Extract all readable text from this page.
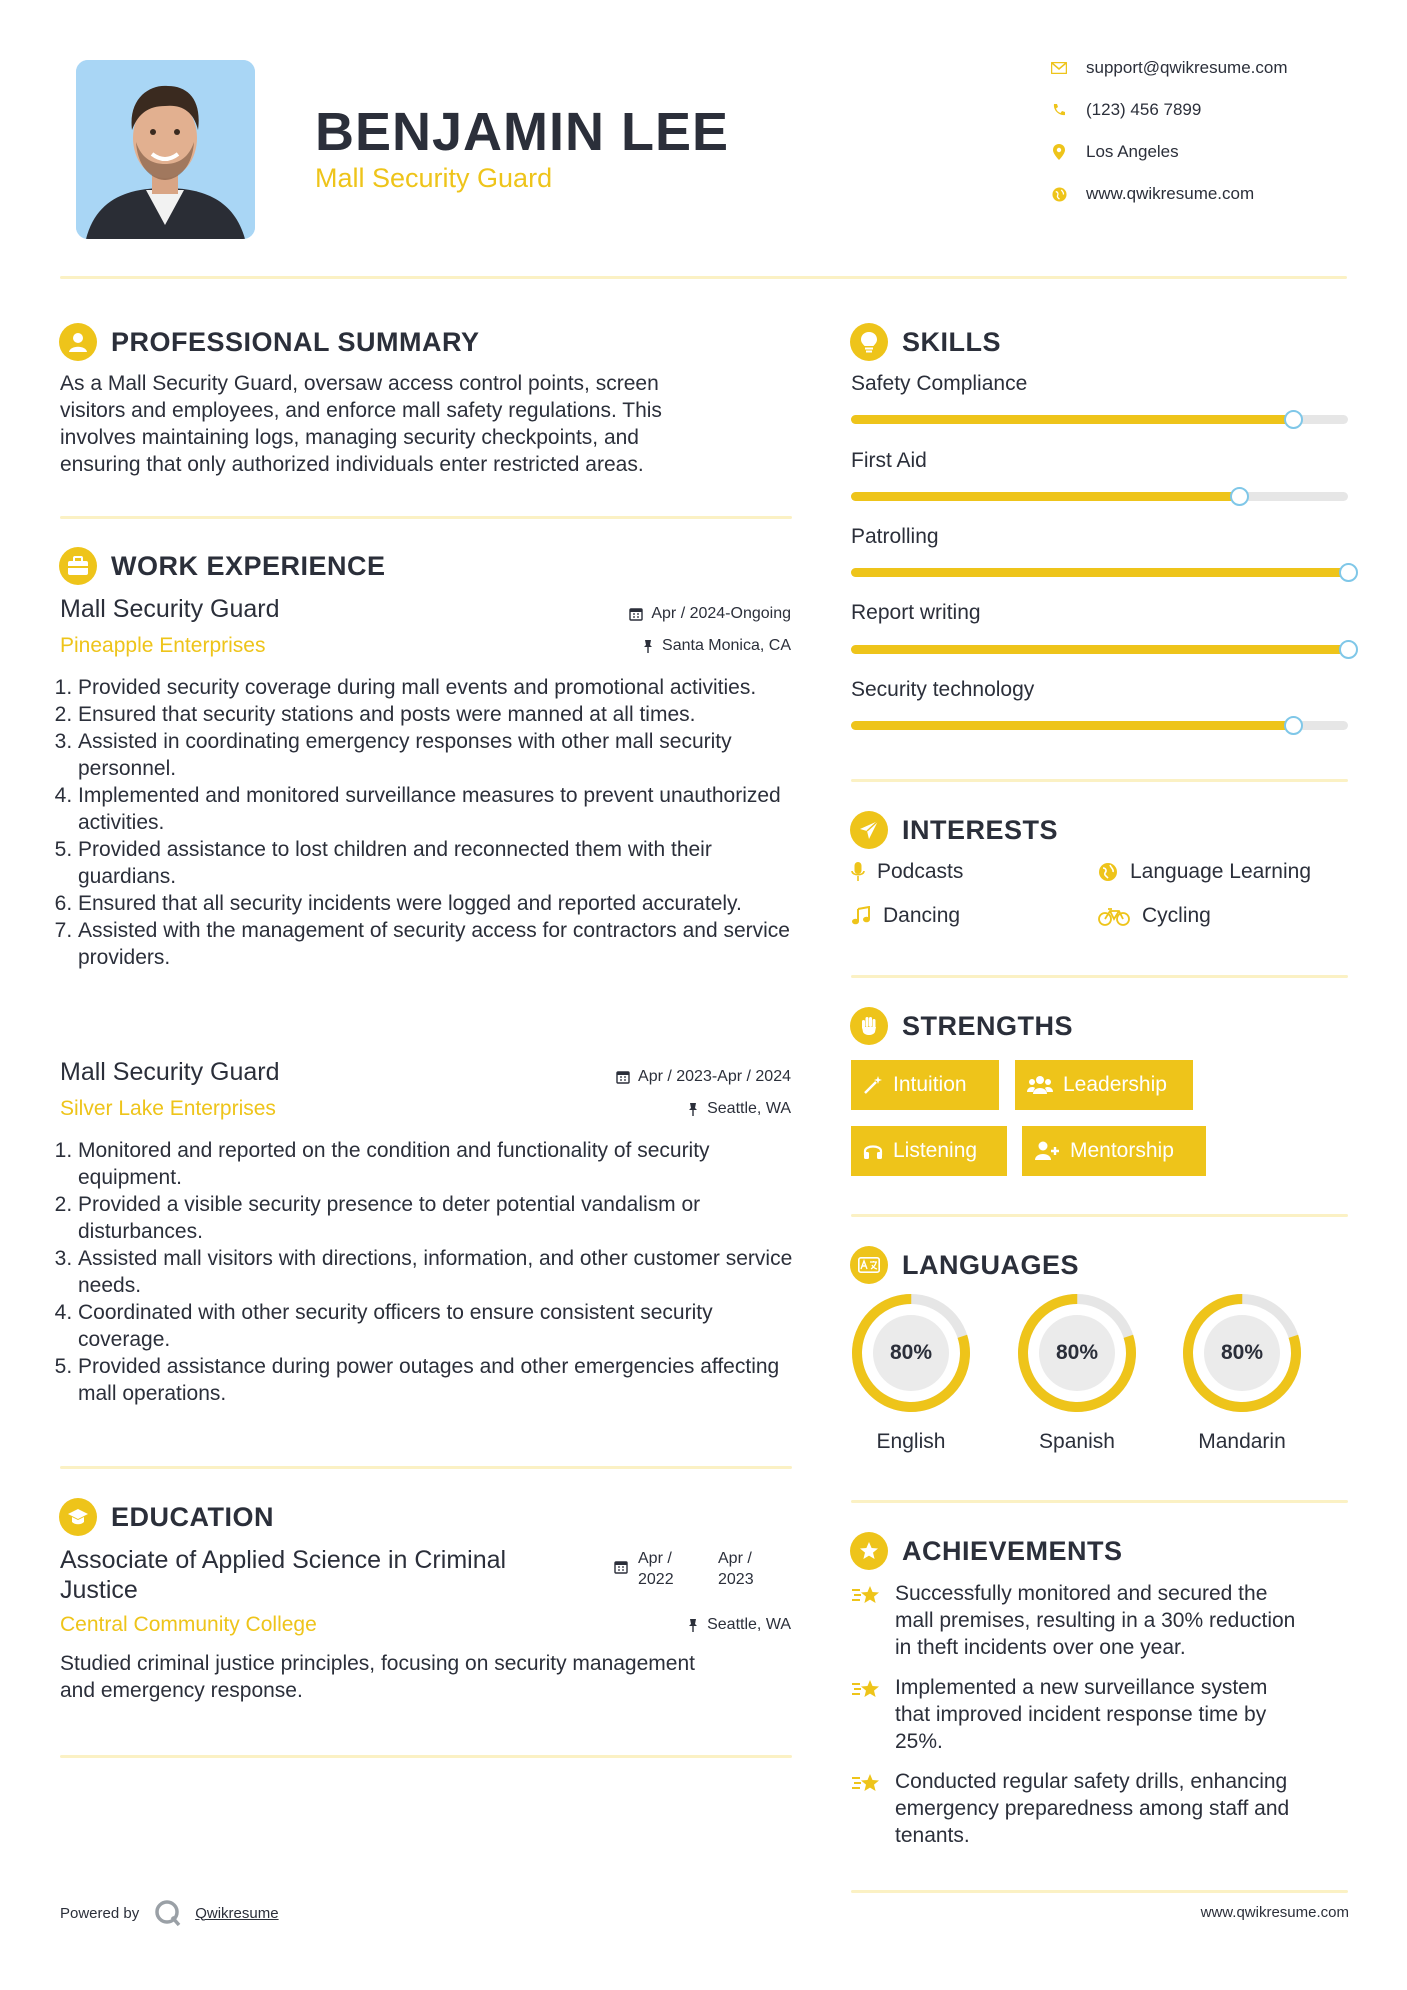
BENJAMIN LEE
Mall Security Guard
support@qwikresume.com
(123) 456 7899
Los Angeles
www.qwikresume.com
PROFESSIONAL SUMMARY
As a Mall Security Guard, oversaw access control points, screen
visitors and employees, and enforce mall safety regulations. This
involves maintaining logs, managing security checkpoints, and
ensuring that only authorized individuals enter restricted areas.
WORK EXPERIENCE
Mall Security Guard
Pineapple Enterprises
Apr / 2024-Ongoing
Santa Monica, CA
1. Provided security coverage during mall events and promotional activities.
2. Ensured that security stations and posts were manned at all times.
3. Assisted in coordinating emergency responses with other mall security personnel.
4. Implemented and monitored surveillance measures to prevent unauthorized activities.
5. Provided assistance to lost children and reconnected them with their guardians.
6. Ensured that all security incidents were logged and reported accurately.
7. Assisted with the management of security access for contractors and service providers.
Mall Security Guard
Silver Lake Enterprises
Apr / 2023-Apr / 2024
Seattle, WA
1. Monitored and reported on the condition and functionality of security equipment.
2. Provided a visible security presence to deter potential vandalism or disturbances.
3. Assisted mall visitors with directions, information, and other customer service needs.
4. Coordinated with other security officers to ensure consistent security coverage.
5. Provided assistance during power outages and other emergencies affecting mall operations.
EDUCATION
Associate of Applied Science in Criminal
Justice
Apr /
2022
Apr /
2023
Central Community College	Seattle, WA
Studied criminal justice principles, focusing on security management
and emergency response.
SKILLS
Safety Compliance
First Aid
Patrolling
Report writing
Security technology
INTERESTS
Podcasts	Language Learning
Dancing	Cycling
STRENGTHS
Intuition	Leadership
Listening	Mentorship
LANGUAGES
80%
English
80%
Spanish
80%
Mandarin
ACHIEVEMENTS
Successfully monitored and secured the
mall premises, resulting in a 30% reduction
in theft incidents over one year.
Implemented a new surveillance system
that improved incident response time by
25%.
Conducted regular safety drills, enhancing
emergency preparedness among staff and
tenants.
Powered by	Qwikresume	www.qwikresume.com
